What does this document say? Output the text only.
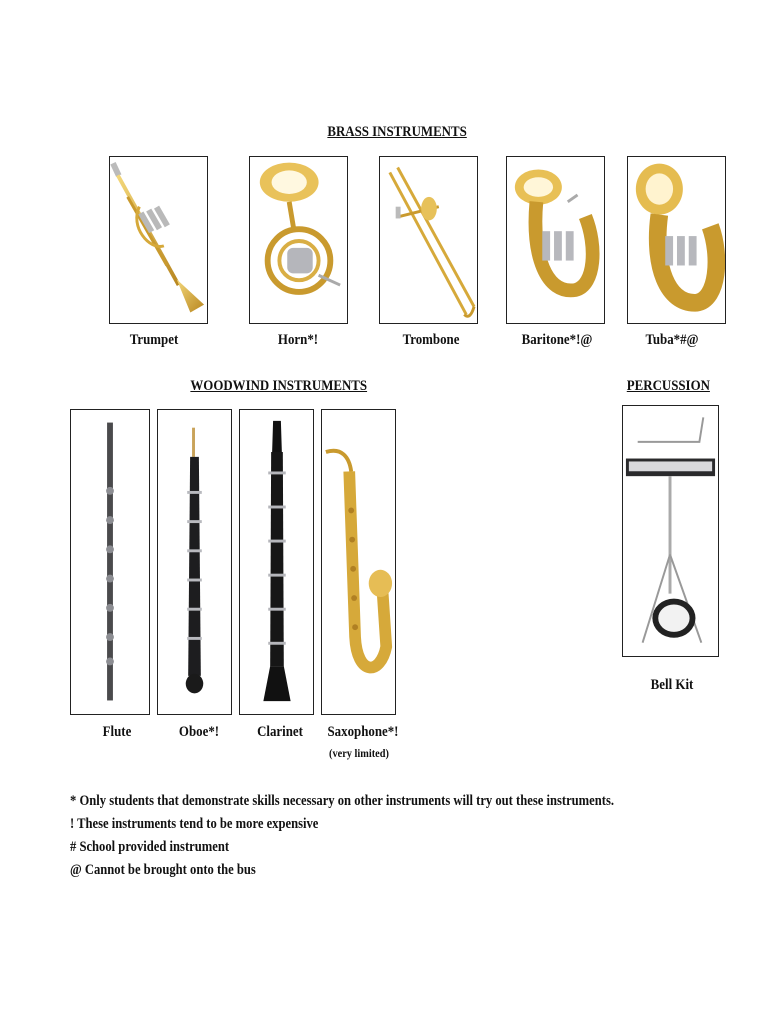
BRASS INSTRUMENTS
Trumpet	Horn*!	Trombone	Baritone*!@	Tuba*#@
WOODWIND INSTRUMENTS
Flute	Oboe*!	Clarinet Saxophone*!
(very limited)
PERCUSSION
Bell Kit
* Only students that demonstrate skills necessary on other instruments will try out these instruments.
! These instruments tend to be more expensive
# School provided instrument
@ Cannot be brought onto the bus
